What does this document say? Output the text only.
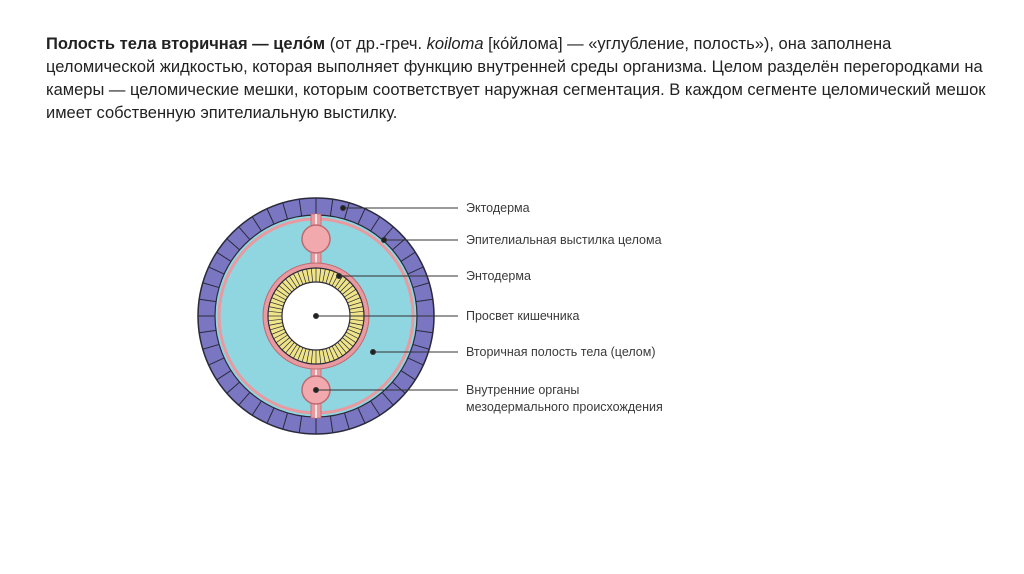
Полость тела вторичная — цело́м (от др.-греч. koiloma [ко́йлома] — «углубление, полость»), она заполнена целомической жидкостью, которая выполняет функцию внутренней среды организма. Целом разделён перегородками на камеры — целомические мешки, которым соответствует наружная сегментация. В каждом сегменте целомический мешок имеет собственную эпителиальную выстилку.
Эктодерма
Эпителиальная выстилка целома
Энтодерма
Просвет кишечника
Вторичная полость тела (целом)
Внутренние органы
мезодермального происхождения
